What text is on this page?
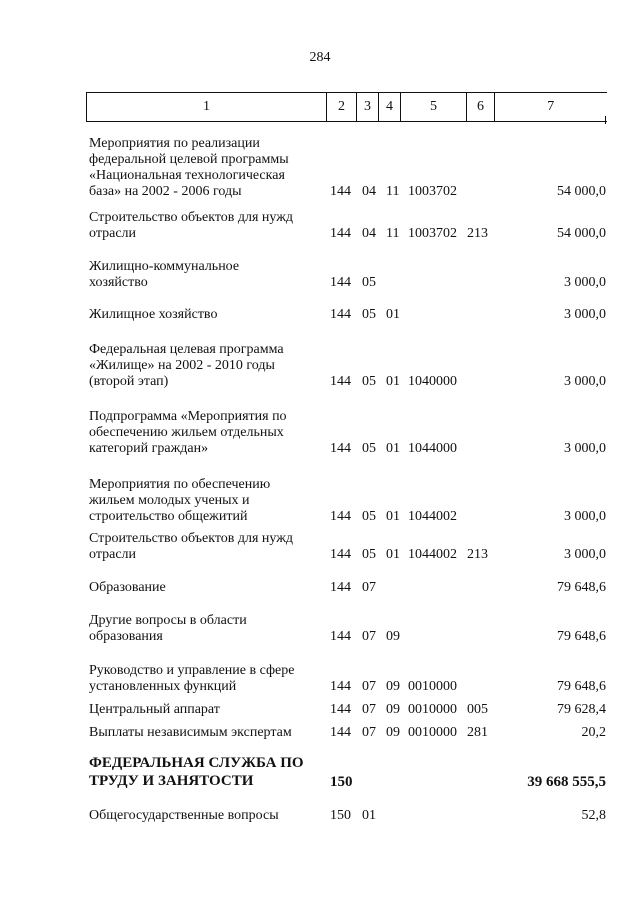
284
1	2	3	4	5	6	7
Мероприятия по реализации
федеральной целевой программы
«Национальная технологическая
база» на 2002 - 2006 годы	144 04 11 1003702	54 000,0
Строительство объектов для нужд
отрасли	144 04 11 1003702 213	54 000,0
Жилищно-коммунальное
хозяйство	144 05	3 000,0
Жилищное хозяйство	144 05 01	3 000,0
Федеральная целевая программа
«Жилище» на 2002 - 2010 годы
(второй этап)	144 05 01 1040000	3 000,0
Подпрограмма «Мероприятия по
обеспечению жильем отдельных
категорий граждан»	144 05 01 1044000	3 000,0
Мероприятия по обеспечению
жильем молодых ученых и
строительство общежитий	144 05 01 1044002	3 000,0
Строительство объектов для нужд
отрасли	144 05 01 1044002 213	3 000,0
Образование	144 07	79 648,6
Другие вопросы в области
образования	144 07 09	79 648,6
Руководство и управление в сфере
установленных функций	144 07 09 0010000	79 648,6
Центральный аппарат	144 07 09 0010000 005	79 628,4
Выплаты независимым экспертам	144 07 09 0010000 281	20,2
ФЕДЕРАЛЬНАЯ СЛУЖБА ПО
ТРУДУ И ЗАНЯТОСТИ	150	39 668 555,5
Общегосударственные вопросы	150 01	52,8
